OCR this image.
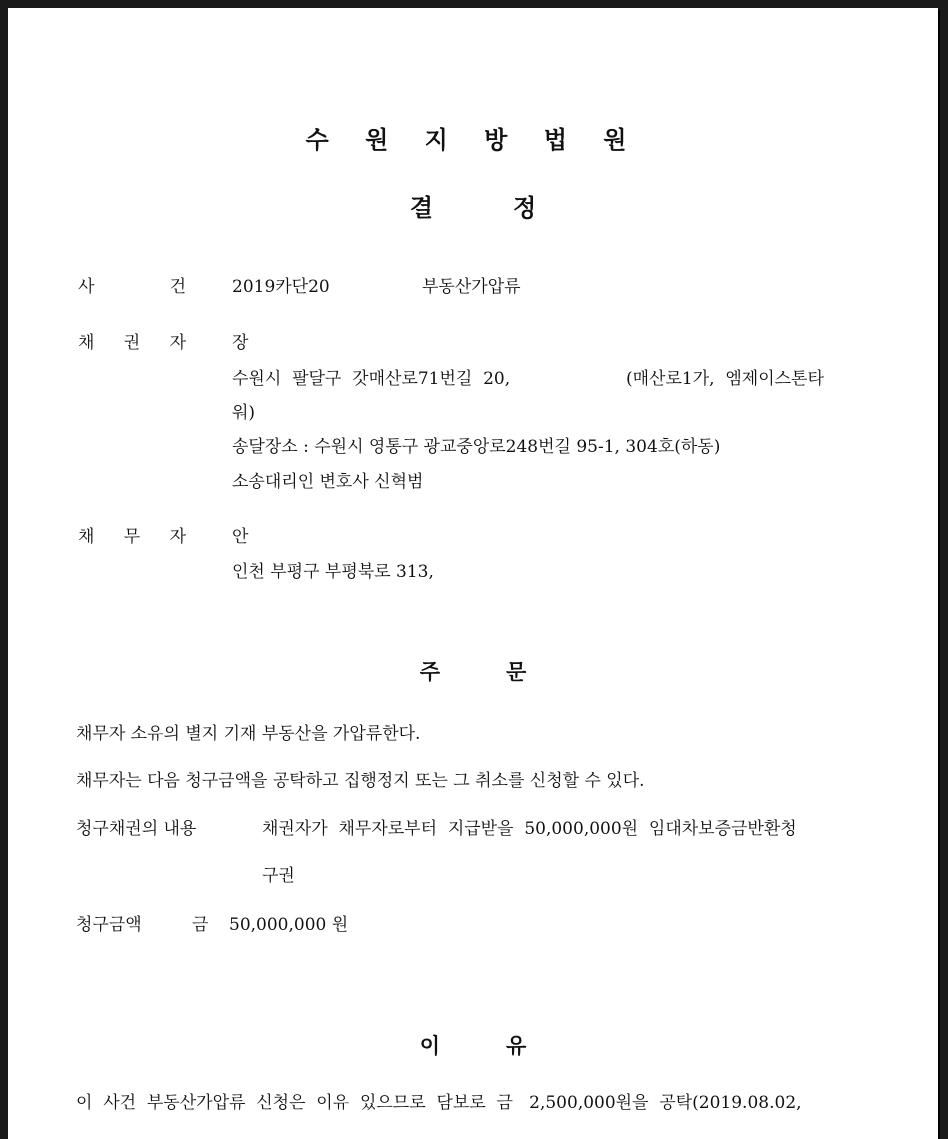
수 원 지 방 법 원
결정
사	건	2019카단20	부동산가압류
채 권 자	장
수원시  팔달구  갓매산로71번길  20,	(매산로1가,  엠제이스톤타
워)
송달장소 : 수원시 영통구 광교중앙로248번길 95-1, 304호(하동)
소송대리인 변호사 신혁범
채 무 자	안
인천 부평구 부평북로 313,
주문
채무자 소유의 별지 기재 부동산을 가압류한다.
채무자는 다음 청구금액을 공탁하고 집행정지 또는 그 취소를 신청할 수 있다.
청구채권의 내용	채권자가  채무자로부터  지급받을  50,000,000원  임대차보증금반환청
구권
청구금액	금 50,000,000 원
이유
이  사건  부동산가압류  신청은  이유  있으므로  담보로  금   2,500,000원을  공탁(2019.08.02,
